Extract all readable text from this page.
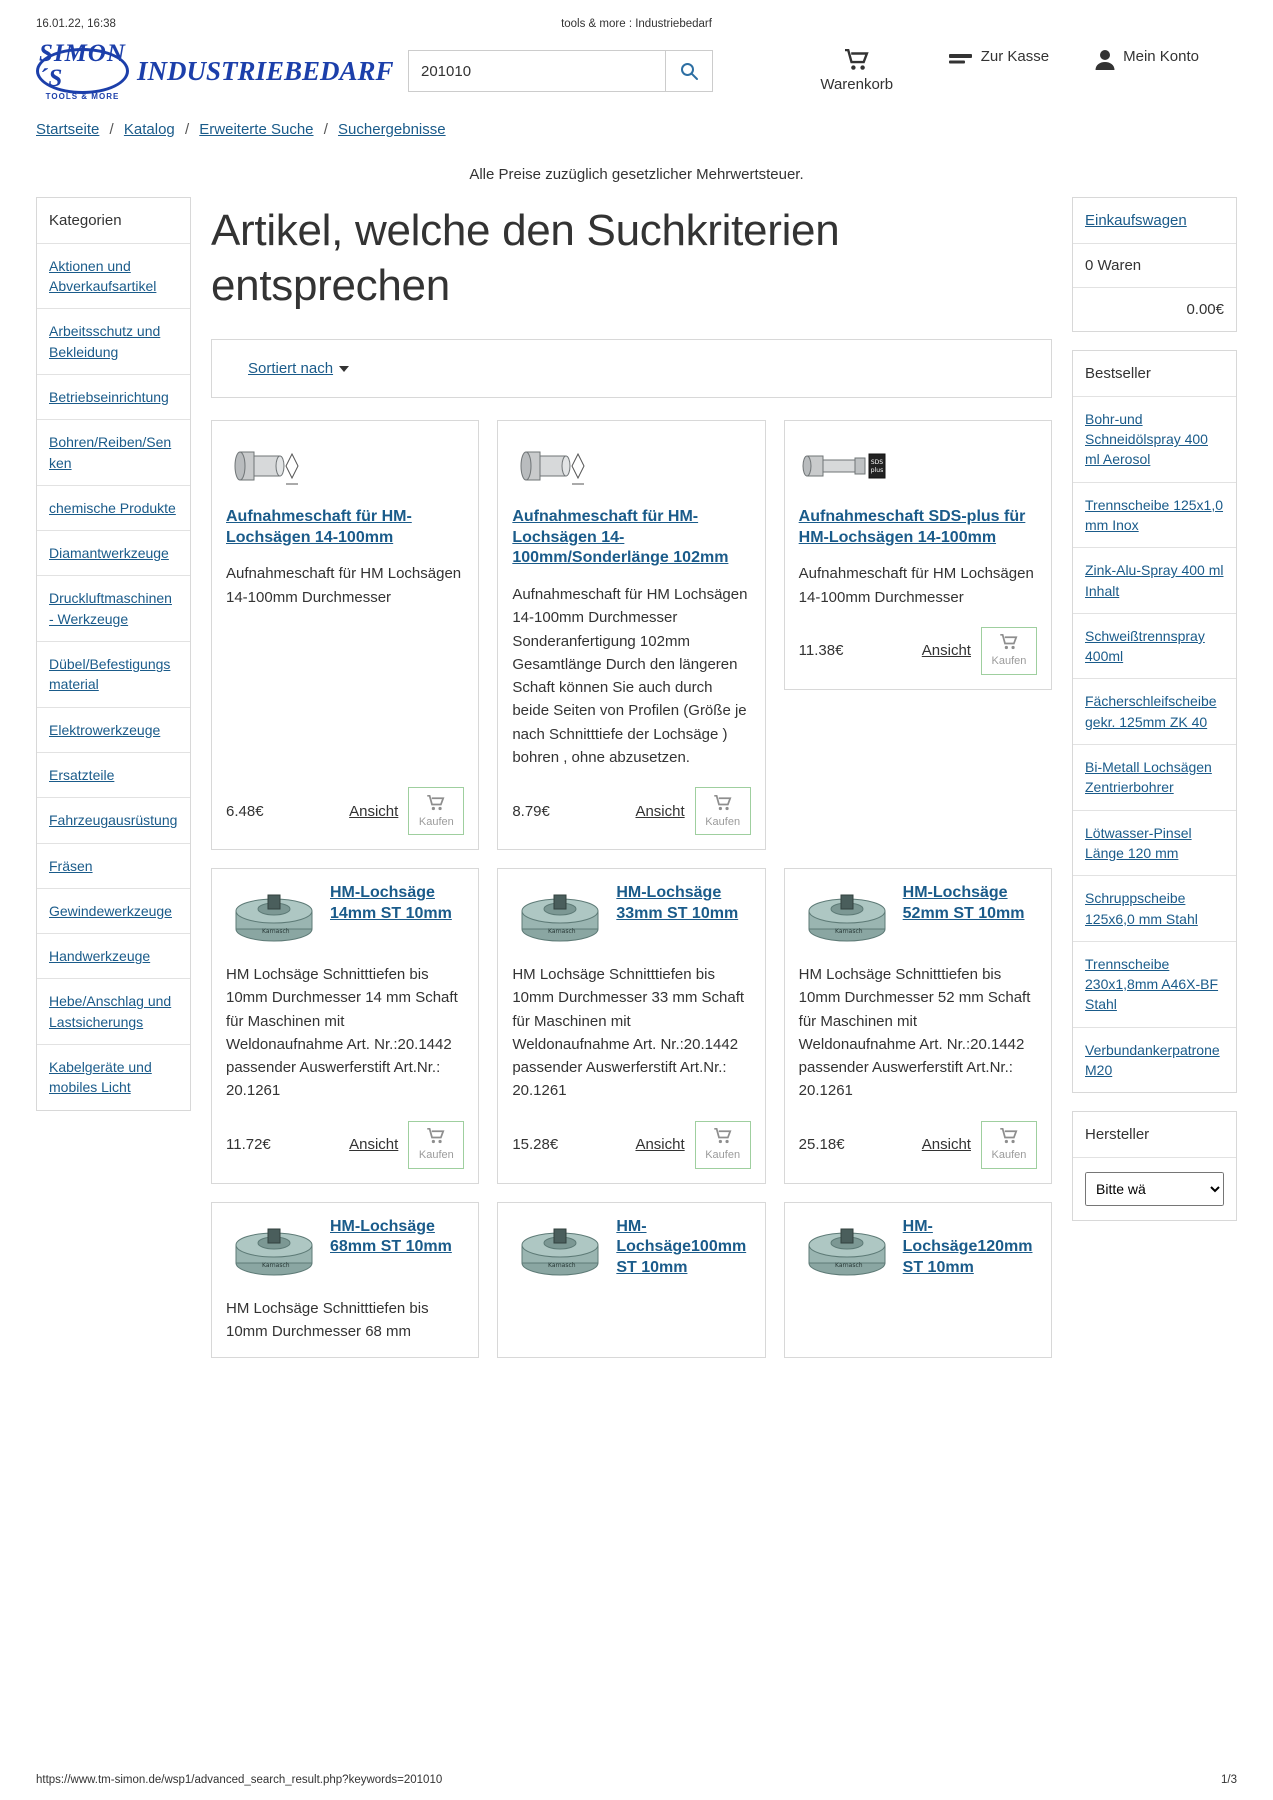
16.01.22, 16:38	tools & more : Industriebedarf
SIMON´S
TOOLS & MORE
INDUSTRIEBEDARF
201010	Warenkorb
Zur Kasse	Mein Konto
Startseite / Katalog / Erweiterte Suche / Suchergebnisse
Alle Preise zuzüglich gesetzlicher Mehrwertsteuer.
Kategorien
Aktionen und Abverkaufsartikel
Arbeitsschutz und Bekleidung
Betriebseinrichtung
Bohren/Reiben/Senken
chemische Produkte
Diamantwerkzeuge
Druckluftmaschinen - Werkzeuge
Dübel/Befestigungsmaterial
Elektrowerkzeuge
Ersatzteile
Fahrzeugausrüstung
Fräsen
Gewindewerkzeuge
Handwerkzeuge
Hebe/Anschlag und Lastsicherungs
Kabelgeräte und mobiles Licht
Artikel, welche den Suchkriterien entsprechen
Sortiert nach
Aufnahmeschaft für HM-Lochsägen 14-100mm
Aufnahmeschaft für HM Lochsägen 14-100mm Durchmesser
6.48€	Ansicht
Kaufen
Aufnahmeschaft für HM-Lochsägen 14-100mm/Sonderlänge 102mm
Aufnahmeschaft für HM Lochsägen 14-100mm Durchmesser Sonderanfertigung 102mm Gesamtlänge Durch den längeren Schaft können Sie auch durch beide Seiten von Profilen (Größe je nach Schnitttiefe der Lochsäge ) bohren , ohne abzusetzen.
8.79€	Ansicht
Kaufen
SDS
plus
Aufnahmeschaft SDS-plus für HM-Lochsägen 14-100mm
Aufnahmeschaft für HM Lochsägen 14-100mm Durchmesser
11.38€	Ansicht
Kaufen
Karnasch
HM-Lochsäge 14mm ST 10mm
HM Lochsäge Schnitttiefen bis 10mm Durchmesser 14 mm Schaft für Maschinen mit Weldonaufnahme Art. Nr.:20.1442 passender Auswerferstift Art.Nr.: 20.1261
11.72€	Ansicht
Kaufen
Karnasch
HM-Lochsäge 33mm ST 10mm
HM Lochsäge Schnitttiefen bis 10mm Durchmesser 33 mm Schaft für Maschinen mit Weldonaufnahme Art. Nr.:20.1442 passender Auswerferstift Art.Nr.: 20.1261
15.28€	Ansicht
Kaufen
Karnasch
HM-Lochsäge 52mm ST 10mm
HM Lochsäge Schnitttiefen bis 10mm Durchmesser 52 mm Schaft für Maschinen mit Weldonaufnahme Art. Nr.:20.1442 passender Auswerferstift Art.Nr.: 20.1261
25.18€	Ansicht
Kaufen
Karnasch
HM-Lochsäge 68mm ST 10mm
HM Lochsäge Schnitttiefen bis 10mm Durchmesser 68 mm
Karnasch
HM-Lochsäge100mm ST 10mm	Karnasch
HM-Lochsäge120mm ST 10mm
Einkaufswagen
0 Waren
0.00€
Bestseller
Bohr-und Schneidölspray 400 ml Aerosol
Trennscheibe 125x1,0 mm Inox
Zink-Alu-Spray 400 ml Inhalt
Schweißtrennspray 400ml
Fächerschleifscheibe gekr. 125mm ZK 40
Bi-Metall Lochsägen Zentrierbohrer
Lötwasser-Pinsel Länge 120 mm
Schruppscheibe 125x6,0 mm Stahl
Trennscheibe 230x1,8mm A46X-BF Stahl
Verbundankerpatrone M20
Hersteller
Bitte wä
https://www.tm-simon.de/wsp1/advanced_search_result.php?keywords=201010	1/3
